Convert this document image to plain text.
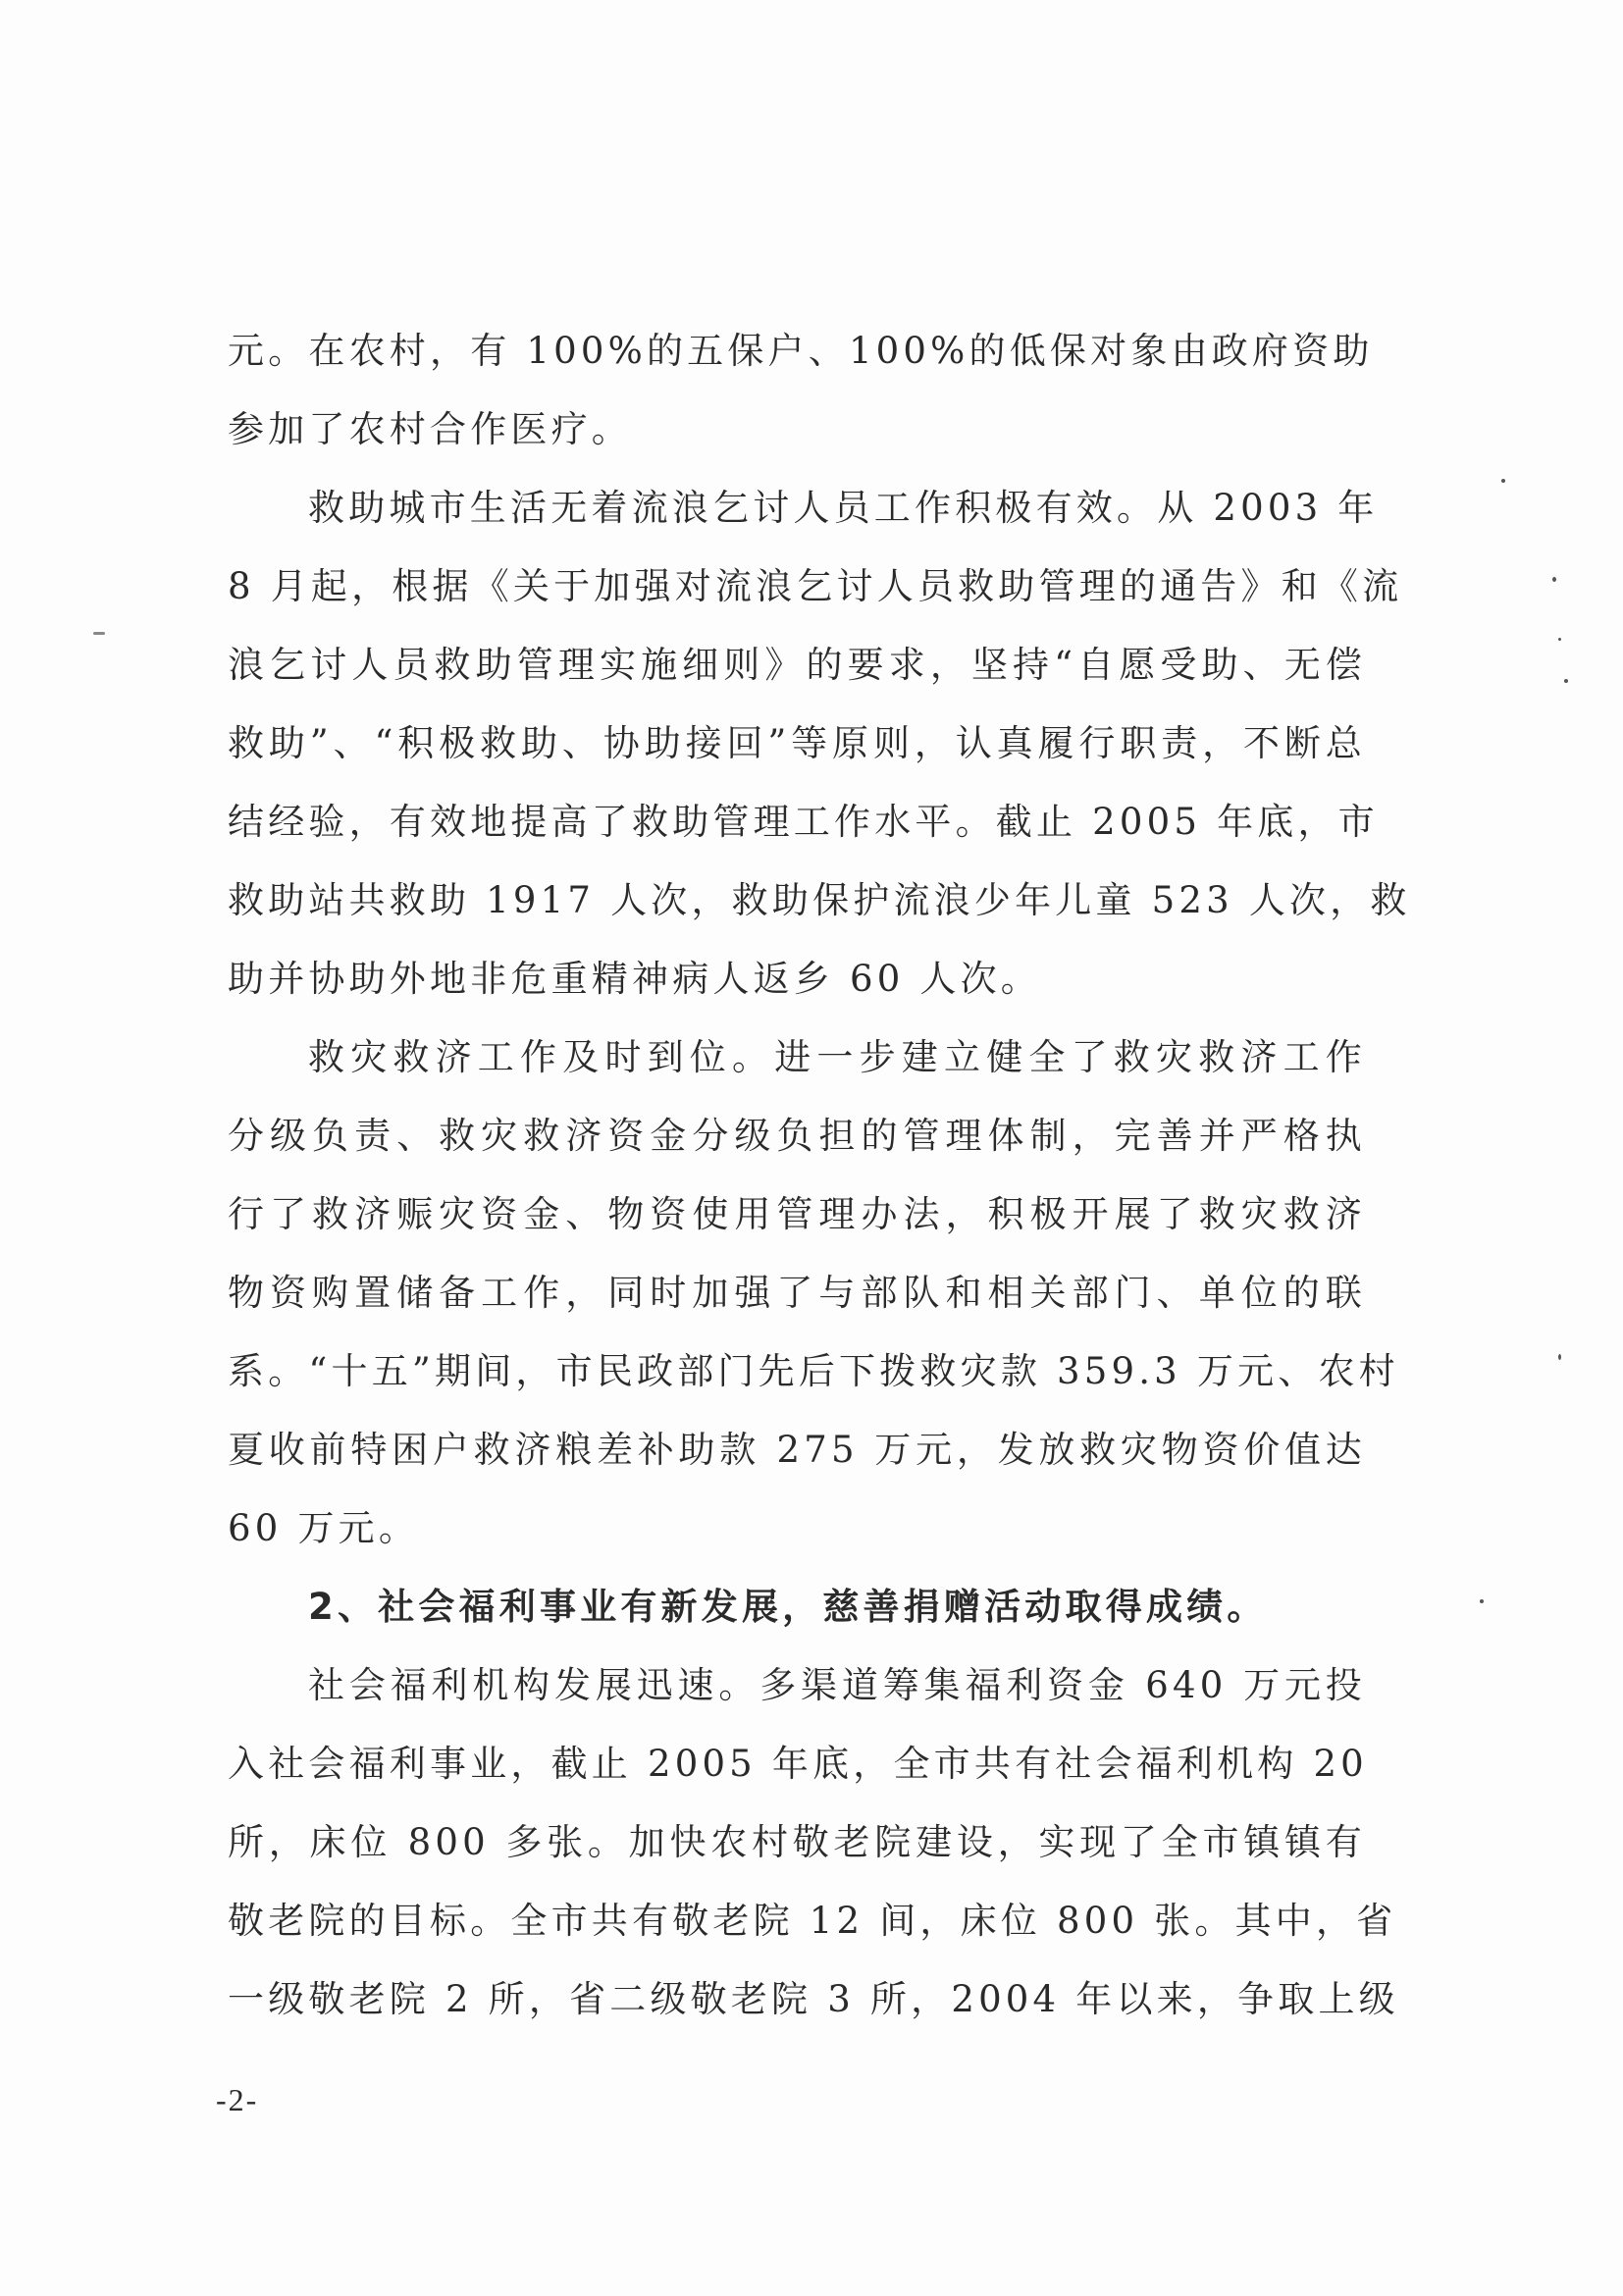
元。在农村，有 100%的五保户、100%的低保对象由政府资助
参加了农村合作医疗。
救助城市生活无着流浪乞讨人员工作积极有效。从 2003 年
8 月起，根据《关于加强对流浪乞讨人员救助管理的通告》和《流
浪乞讨人员救助管理实施细则》的要求，坚持“自愿受助、无偿
救助”、“积极救助、协助接回”等原则，认真履行职责，不断总
结经验，有效地提高了救助管理工作水平。截止 2005 年底，市
救助站共救助 1917 人次，救助保护流浪少年儿童 523 人次，救
助并协助外地非危重精神病人返乡 60 人次。
救灾救济工作及时到位。进一步建立健全了救灾救济工作
分级负责、救灾救济资金分级负担的管理体制，完善并严格执
行了救济赈灾资金、物资使用管理办法，积极开展了救灾救济
物资购置储备工作，同时加强了与部队和相关部门、单位的联
系。“十五”期间，市民政部门先后下拨救灾款 359.3 万元、农村
夏收前特困户救济粮差补助款 275 万元，发放救灾物资价值达
60 万元。
2、社会福利事业有新发展，慈善捐赠活动取得成绩。
社会福利机构发展迅速。多渠道筹集福利资金 640 万元投
入社会福利事业，截止 2005 年底，全市共有社会福利机构 20
所，床位 800 多张。加快农村敬老院建设，实现了全市镇镇有
敬老院的目标。全市共有敬老院 12 间，床位 800 张。其中，省
一级敬老院 2 所，省二级敬老院 3 所，2004 年以来，争取上级
-2-
